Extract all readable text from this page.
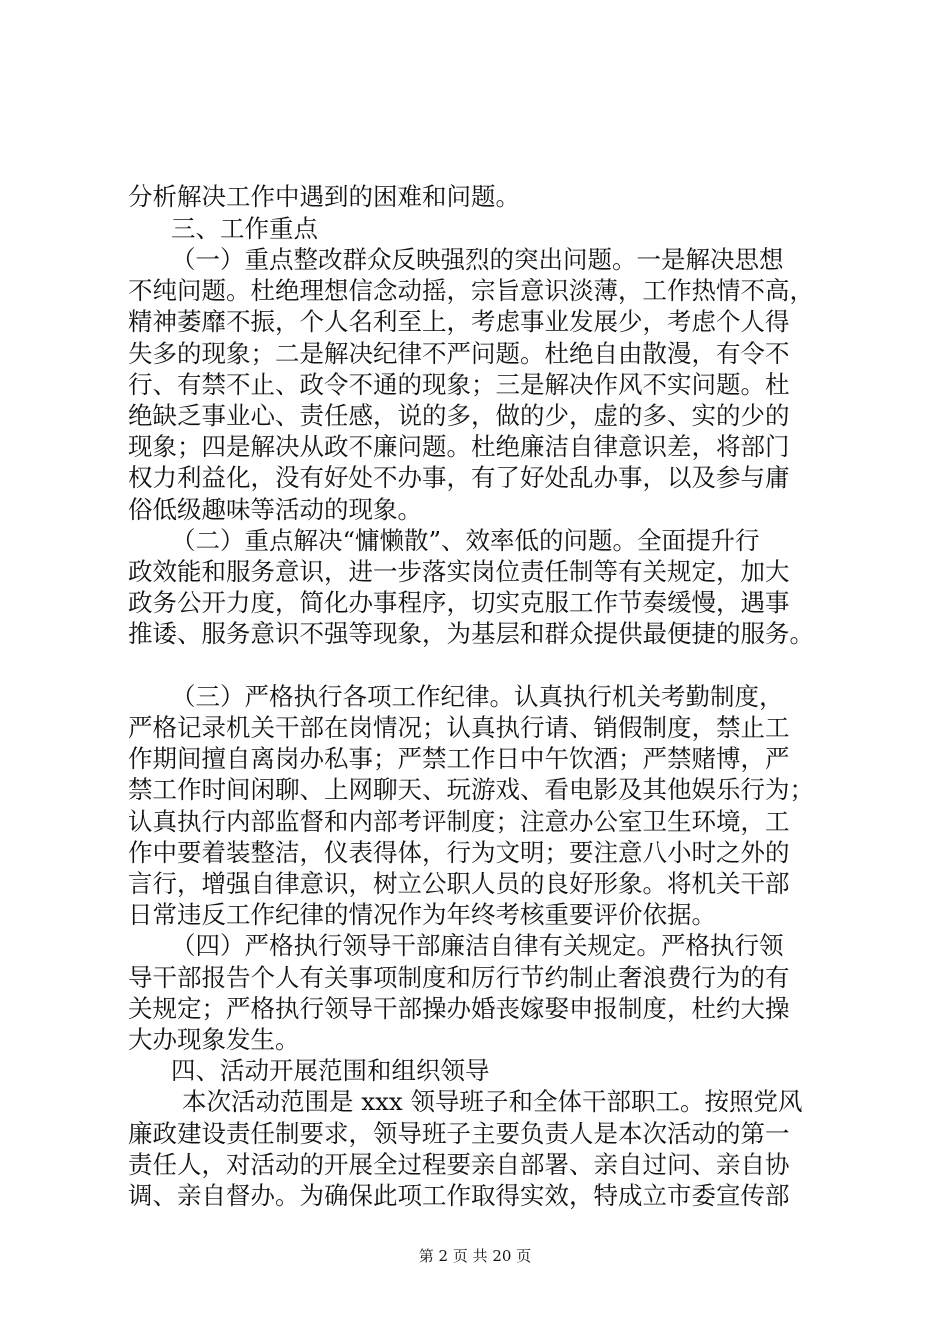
分析解决工作中遇到的困难和问题。
三、工作重点
（一）重点整改群众反映强烈的突出问题。一是解决思想
不纯问题。杜绝理想信念动摇，宗旨意识淡薄，工作热情不高，
精神萎靡不振，个人名利至上，考虑事业发展少，考虑个人得
失多的现象；二是解决纪律不严问题。杜绝自由散漫，有令不
行、有禁不止、政令不通的现象；三是解决作风不实问题。杜
绝缺乏事业心、责任感，说的多，做的少，虚的多、实的少的
现象；四是解决从政不廉问题。杜绝廉洁自律意识差，将部门
权力利益化，没有好处不办事，有了好处乱办事，以及参与庸
俗低级趣味等活动的现象。
（二）重点解决“慵懒散”、效率低的问题。全面提升行
政效能和服务意识，进一步落实岗位责任制等有关规定，加大
政务公开力度，简化办事程序，切实克服工作节奏缓慢，遇事
推诿、服务意识不强等现象，为基层和群众提供最便捷的服务。
（三）严格执行各项工作纪律。认真执行机关考勤制度，
严格记录机关干部在岗情况；认真执行请、销假制度，禁止工
作期间擅自离岗办私事；严禁工作日中午饮酒；严禁赌博，严
禁工作时间闲聊、上网聊天、玩游戏、看电影及其他娱乐行为；
认真执行内部监督和内部考评制度；注意办公室卫生环境，工
作中要着装整洁，仪表得体，行为文明；要注意八小时之外的
言行，增强自律意识，树立公职人员的良好形象。将机关干部
日常违反工作纪律的情况作为年终考核重要评价依据。
（四）严格执行领导干部廉洁自律有关规定。严格执行领
导干部报告个人有关事项制度和厉行节约制止奢浪费行为的有
关规定；严格执行领导干部操办婚丧嫁娶申报制度，杜约大操
大办现象发生。
四、活动开展范围和组织领导
本次活动范围是 xxx 领导班子和全体干部职工。按照党风
廉政建设责任制要求，领导班子主要负责人是本次活动的第一
责任人，对活动的开展全过程要亲自部署、亲自过问、亲自协
调、亲自督办。为确保此项工作取得实效，特成立市委宣传部
第 2 页 共 20 页
